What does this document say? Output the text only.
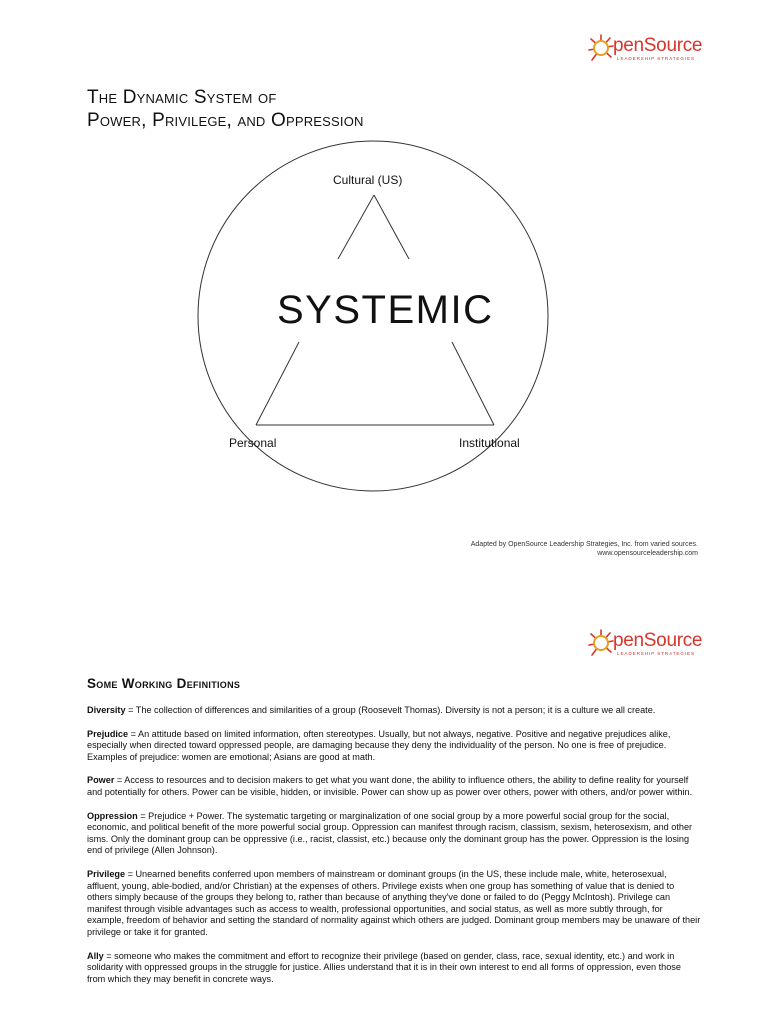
penSource
LEADERSHIP STRATEGIES
The Dynamic System of
Power, Privilege, and Oppression
Cultural (US)
SYSTEMIC
Personal	Institutional
Adapted by OpenSource Leadership Strategies, Inc. from varied sources.
www.opensourceleadership.com
penSource
LEADERSHIP STRATEGIES
Some Working Definitions

Diversity = The collection of differences and similarities of a group (Roosevelt Thomas). Diversity is not a person; it is a culture we all create.

Prejudice = An attitude based on limited information, often stereotypes. Usually, but not always, negative. Positive and negative prejudices alike, especially when directed toward oppressed people, are damaging because they deny the individuality of the person. No one is free of prejudice. Examples of prejudice: women are emotional; Asians are good at math.

Power = Access to resources and to decision makers to get what you want done, the ability to influence others, the ability to define reality for yourself and potentially for others. Power can be visible, hidden, or invisible. Power can show up as power over others, power with others, and/or power within.

Oppression = Prejudice + Power. The systematic targeting or marginalization of one social group by a more powerful social group for the social, economic, and political benefit of the more powerful social group. Oppression can manifest through racism, classism, sexism, heterosexism, and other isms. Only the dominant group can be oppressive (i.e., racist, classist, etc.) because only the dominant group has the power. Oppression is the losing end of privilege (Allen Johnson).

Privilege = Unearned benefits conferred upon members of mainstream or dominant groups (in the US, these include male, white, heterosexual, affluent, young, able-bodied, and/or Christian) at the expenses of others. Privilege exists when one group has something of value that is denied to others simply because of the groups they belong to, rather than because of anything they've done or failed to do (Peggy McIntosh). Privilege can manifest through visible advantages such as access to wealth, professional opportunities, and social status, as well as more subtly through, for example, freedom of behavior and setting the standard of normality against which others are judged. Dominant group members may be unaware of their privilege or take it for granted.

Ally = someone who makes the commitment and effort to recognize their privilege (based on gender, class, race, sexual identity, etc.) and work in solidarity with oppressed groups in the struggle for justice. Allies understand that it is in their own interest to end all forms of oppression, even those from which they may benefit in concrete ways.
